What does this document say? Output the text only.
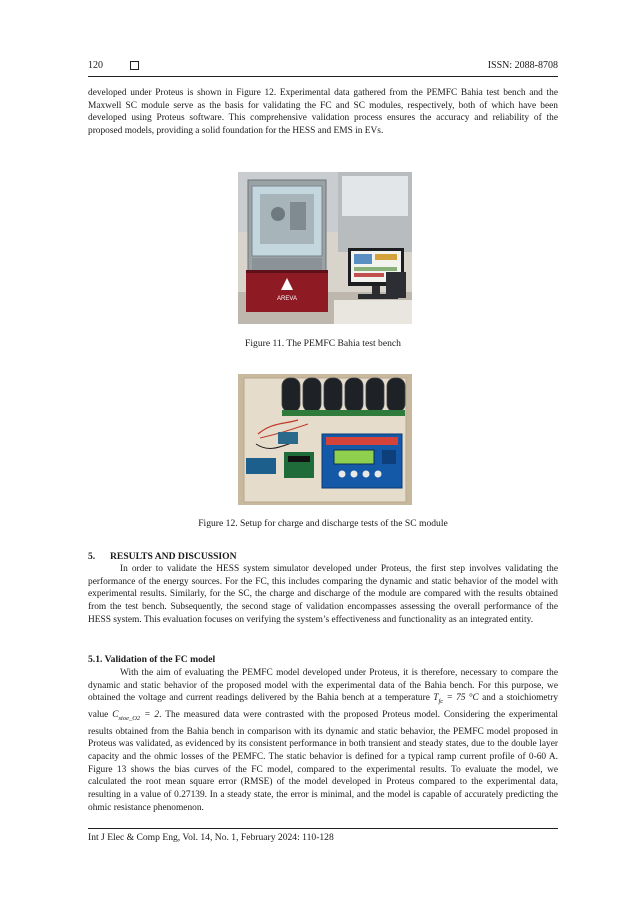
120	ISSN: 2088-8708

developed under Proteus is shown in Figure 12. Experimental data gathered from the PEMFC Bahia test bench and the Maxwell SC module serve as the basis for validating the FC and SC modules, respectively, both of which have been developed using Proteus software. This comprehensive validation process ensures the accuracy and reliability of the proposed models, providing a solid foundation for the HESS and EMS in EVs.

AREVA
Figure 11. The PEMFC Bahia test bench
Figure 12. Setup for charge and discharge tests of the SC module
5. RESULTS AND DISCUSSION

In order to validate the HESS system simulator developed under Proteus, the first step involves validating the performance of the energy sources. For the FC, this includes comparing the dynamic and static behavior of the model with experimental results. Similarly, for the SC, the charge and discharge of the module are compared with the results obtained from the test bench. Subsequently, the second stage of validation encompasses assessing the overall performance of the HESS system. This evaluation focuses on verifying the system’s effectiveness and functionality as an integrated entity.

5.1. Validation of the FC model

With the aim of evaluating the PEMFC model developed under Proteus, it is therefore, necessary to compare the dynamic and static behavior of the proposed model with the experimental data of the Bahia bench. For this purpose, we obtained the voltage and current readings delivered by the Bahia bench at a temperature $T_{fc} = 75$ °C and a stoichiometry value $C_{stoe\_O2} = 2$. The measured data were contrasted with the proposed Proteus model. Considering the experimental results obtained from the Bahia bench in comparison with its dynamic and static behavior, the PEMFC model proposed in Proteus was validated, as evidenced by its consistent performance in both transient and steady states, due to the double layer capacity and the ohmic losses of the PEMFC. The static behavior is defined for a typical ramp current profile of 0-60 A. Figure 13 shows the bias curves of the FC model, compared to the experimental results. To evaluate the model, we calculated the root mean square error (RMSE) of the model developed in Proteus compared to the experimental data, resulting in a value of 0.27139. In a steady state, the error is minimal, and the model is capable of accurately predicting the ohmic resistance phenomenon.

Int J Elec & Comp Eng, Vol. 14, No. 1, February 2024: 110-128
